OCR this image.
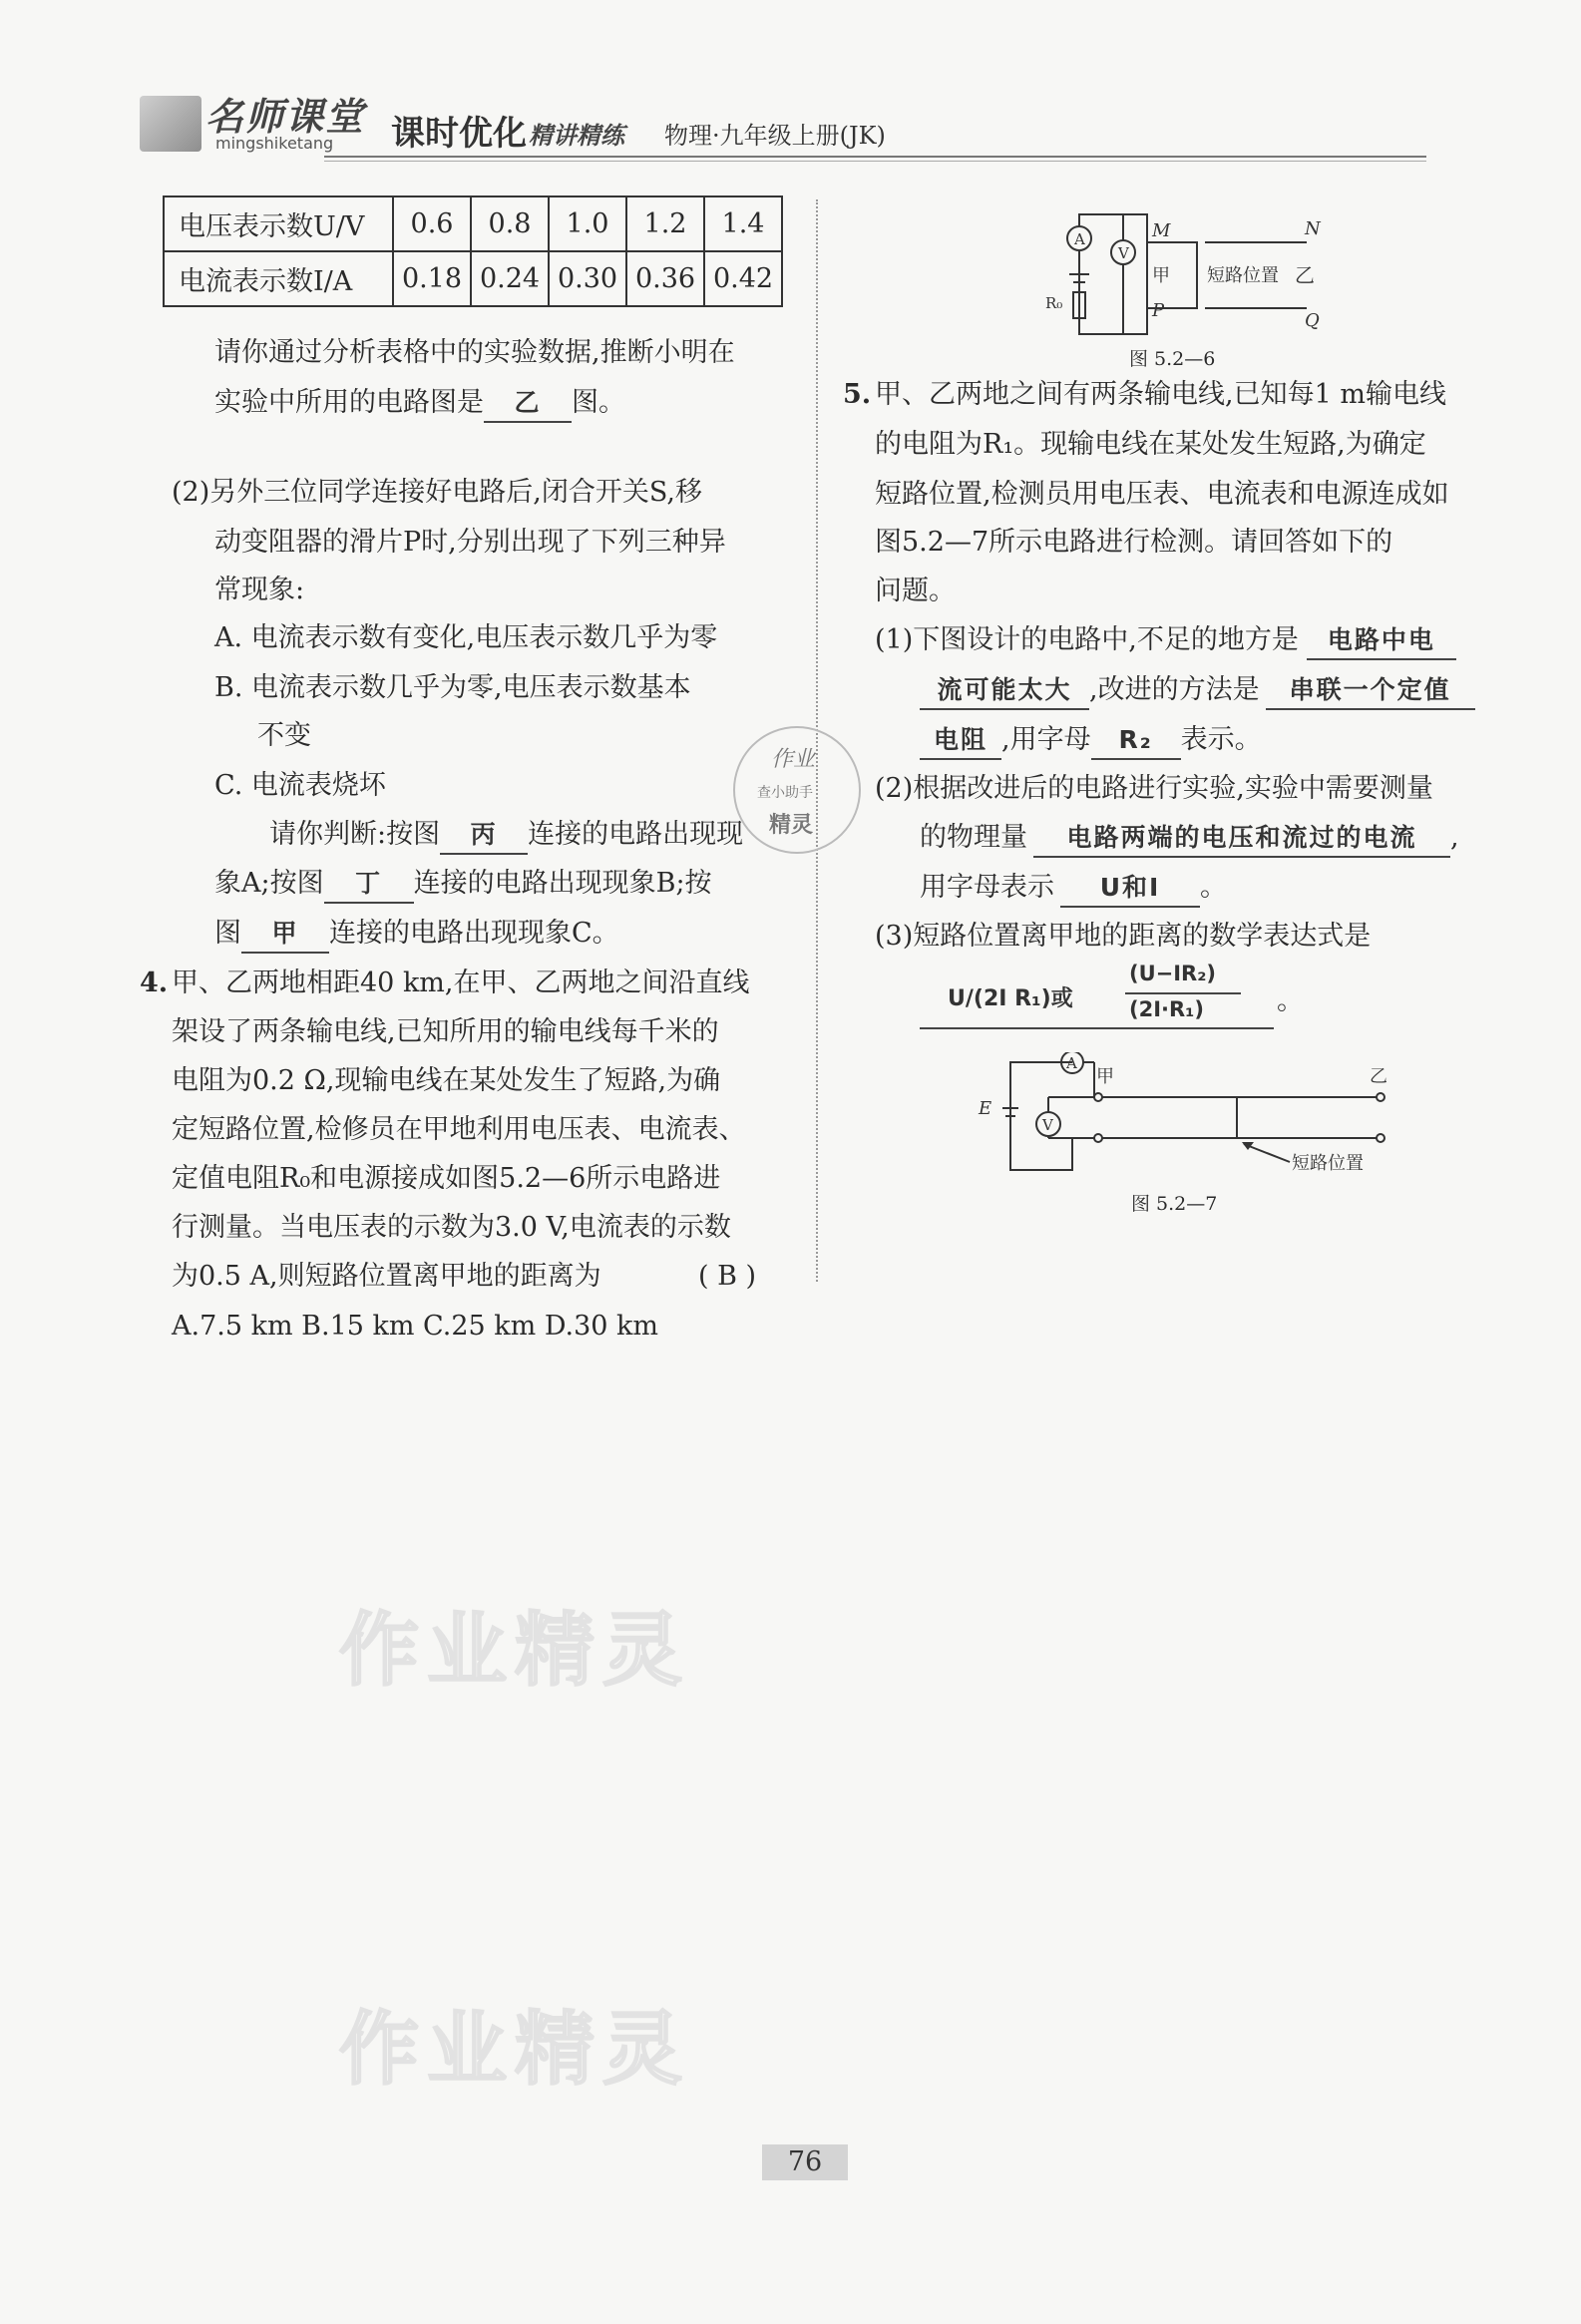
名师课堂
mingshiketang 课时优化 精讲精练 物理·九年级上册(JK)
电压表示数U/V	0.6	0.8	1.0	1.2	1.4
电流表示数I/A	0.18	0.24	0.30	0.36	0.42
请你通过分析表格中的实验数据,推断小明在
实验中所用的电路图是 乙 图。
(2)另外三位同学连接好电路后,闭合开关S,移
动变阻器的滑片P时,分别出现了下列三种异
常现象:
A. 电流表示数有变化,电压表示数几乎为零
B. 电流表示数几乎为零,电压表示数基本
不变
C. 电流表烧坏
请你判断:按图 丙 连接的电路出现现
象A;按图 丁 连接的电路出现现象B;按
图 甲 连接的电路出现现象C。
4. 甲、乙两地相距40 km,在甲、乙两地之间沿直线
架设了两条输电线,已知所用的输电线每千米的
电阻为0.2 Ω,现输电线在某处发生了短路,为确
定短路位置,检修员在甲地利用电压表、电流表、
定值电阻R₀和电源接成如图5.2—6所示电路进
行测量。当电压表的示数为3.0 V,电流表的示数
为0.5 A,则短路位置离甲地的距离为	( B )
A.7.5 km B.15 km C.25 km D.30 km
作业
查小助手
精灵
A
V
M	N
P	Q
甲 短路位置 乙
R₀
图 5.2—6
5. 甲、乙两地之间有两条输电线,已知每1 m输电线
的电阻为R₁。现输电线在某处发生短路,为确定
短路位置,检测员用电压表、电流表和电源连成如
图5.2—7所示电路进行检测。请回答如下的
问题。
(1)下图设计的电路中,不足的地方是 电路中电
流可能太大 ,改进的方法是 串联一个定值
电阻 ,用字母 R₂ 表示。
(2)根据改进后的电路进行实验,实验中需要测量
的物理量 电路两端的电压和流过的电流 ,
用字母表示 U和I 。
(3)短路位置离甲地的距离的数学表达式是
U/(2I R₁)或
(U−IR₂)
(2I·R₁)	。
A
V
E
甲	乙
短路位置
图 5.2—7
作业精灵
作业精灵
76
